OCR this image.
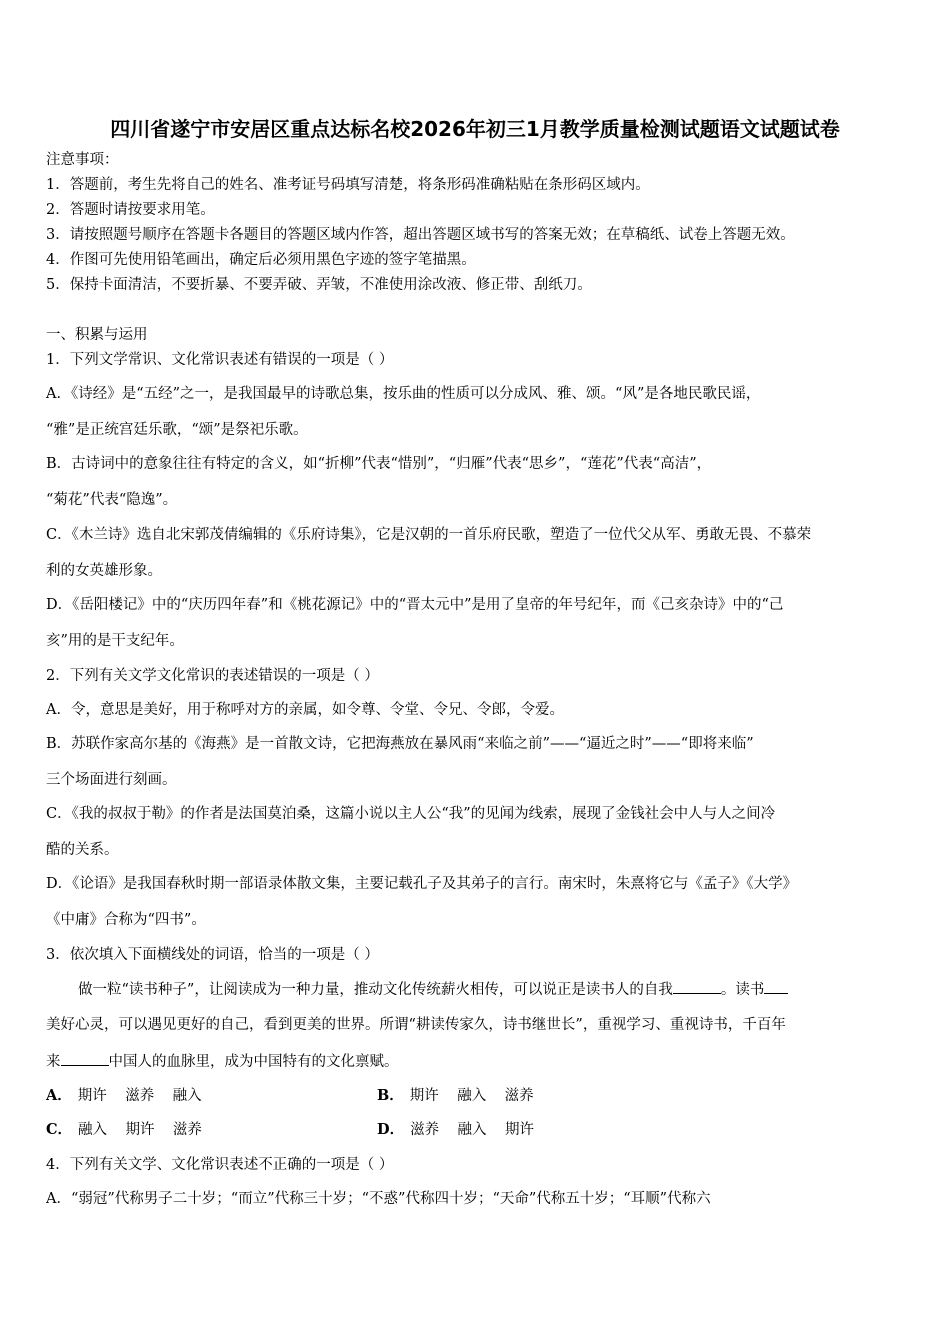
四川省遂宁市安居区重点达标名校2026年初三1月教学质量检测试题语文试题试卷
注意事项：
1．答题前，考生先将自己的姓名、准考证号码填写清楚，将条形码准确粘贴在条形码区域内。
2．答题时请按要求用笔。
3．请按照题号顺序在答题卡各题目的答题区域内作答，超出答题区域书写的答案无效；在草稿纸、试卷上答题无效。
4．作图可先使用铅笔画出，确定后必须用黑色字迹的签字笔描黑。
5．保持卡面清洁，不要折暴、不要弄破、弄皱，不准使用涂改液、修正带、刮纸刀。
一、积累与运用
1．下列文学常识、文化常识表述有错误的一项是（ ）
A．《诗经》是“五经”之一，是我国最早的诗歌总集，按乐曲的性质可以分成风、雅、颂。“风”是各地民歌民谣，
“雅”是正统宫廷乐歌，“颂”是祭祀乐歌。
B．古诗词中的意象往往有特定的含义，如“折柳”代表“惜别”，“归雁”代表“思乡”，“莲花”代表“高洁”，
“菊花”代表“隐逸”。
C．《木兰诗》选自北宋郭茂倩编辑的《乐府诗集》，它是汉朝的一首乐府民歌，塑造了一位代父从军、勇敢无畏、不慕荣
利的女英雄形象。
D．《岳阳楼记》中的“庆历四年春”和《桃花源记》中的“晋太元中”是用了皇帝的年号纪年，而《己亥杂诗》中的“己
亥”用的是干支纪年。
2．下列有关文学文化常识的表述错误的一项是（ ）
A．令，意思是美好，用于称呼对方的亲属，如令尊、令堂、令兄、令郎，令爱。
B．苏联作家高尔基的《海燕》是一首散文诗，它把海燕放在暴风雨“来临之前”——“逼近之时”——“即将来临”
三个场面进行刻画。
C．《我的叔叔于勒》的作者是法国莫泊桑，这篇小说以主人公“我”的见闻为线索，展现了金钱社会中人与人之间冷
酷的关系。
D．《论语》是我国春秋时期一部语录体散文集，主要记载孔子及其弟子的言行。南宋时，朱熹将它与《孟子》《大学》
《中庸》合称为“四书”。
3．依次填入下面横线处的词语，恰当的一项是（ ）
做一粒“读书种子”，让阅读成为一种力量，推动文化传统薪火相传，可以说正是读书人的自我	。读书
美好心灵，可以遇见更好的自己，看到更美的世界。所谓“耕读传家久，诗书继世长”，重视学习、重视诗书，千百年
来	中国人的血脉里，成为中国特有的文化禀赋。
A． 期许    滋养    融入	B． 期许    融入    滋养
C． 融入    期许    滋养	D． 滋养    融入    期许
4．下列有关文学、文化常识表述不正确的一项是（ ）
A．“弱冠”代称男子二十岁；“而立”代称三十岁；“不惑”代称四十岁；“天命”代称五十岁；“耳顺”代称六
